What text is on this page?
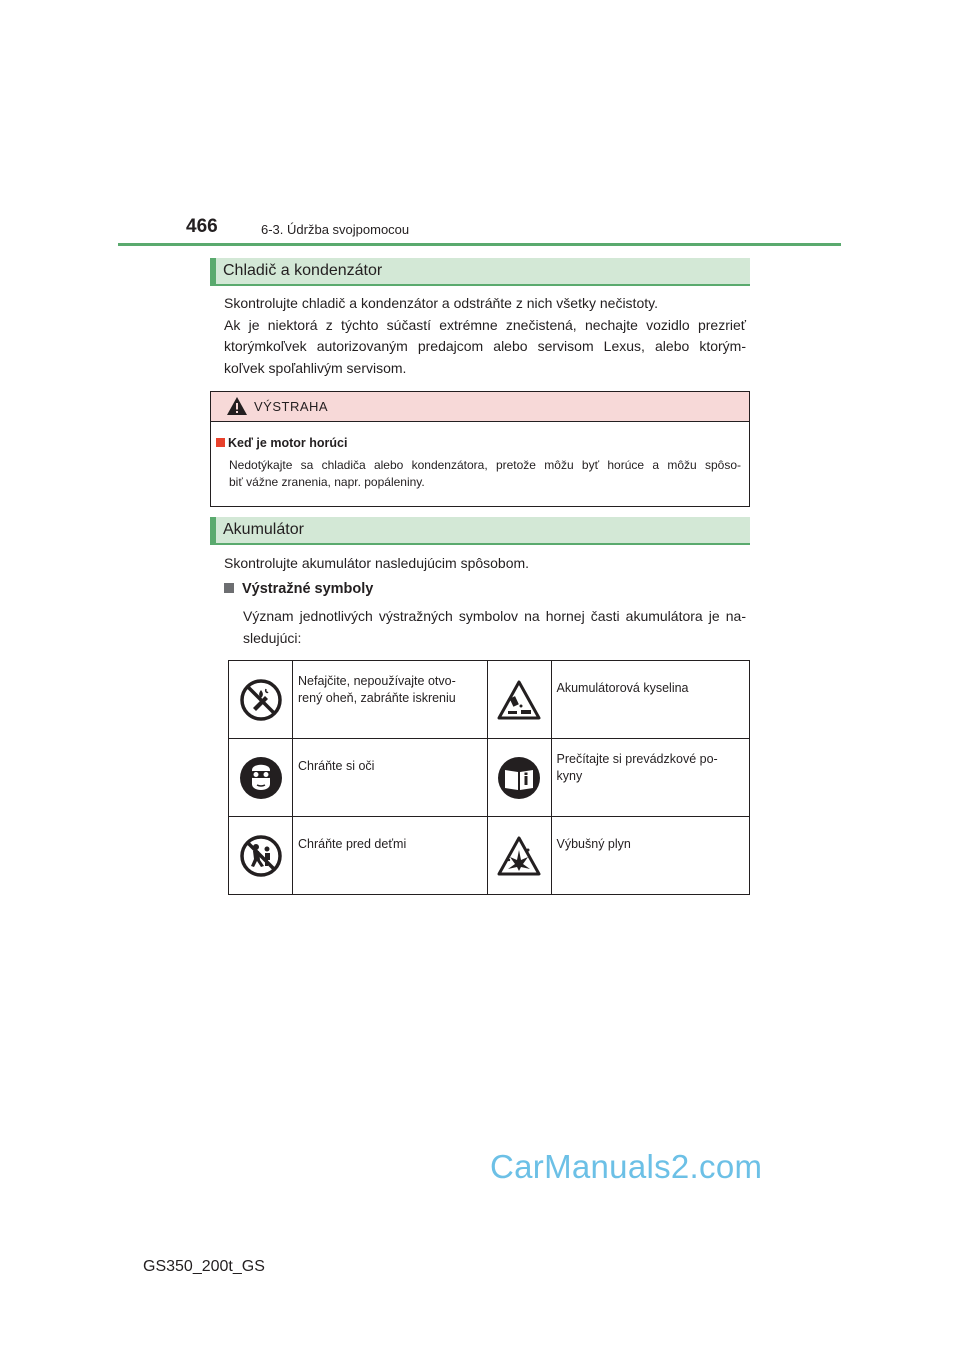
466	6-3. Údržba svojpomocou
Chladič a kondenzátor

Skontrolujte chladič a kondenzátor a odstráňte z nich všetky nečistoty.

Ak je niektorá z týchto súčastí extrémne znečistená, nechajte vozidlo prezrieť

ktorýmkoľvek autorizovaným predajcom alebo servisom Lexus, alebo ktorým-

koľvek spoľahlivým servisom.

VÝSTRAHA
Keď je motor horúci

Nedotýkajte sa chladiča alebo kondenzátora, pretože môžu byť horúce a môžu spôso-

biť vážne zranenia, napr. popáleniny.

Akumulátor
Skontrolujte akumulátor nasledujúcim spôsobom.
Výstražné symboly

Význam jednotlivých výstražných symbolov na hornej časti akumulátora je na-

sledujúci:

Nefajčite, nepoužívajte otvo-
rený oheň, zabráňte iskreniu		Akumulátorová kyselina

Chráňte si oči		Prečítajte si prevádzkové po-
kyny

Chráňte pred deťmi		Výbušný plyn
CarManuals2.com
GS350_200t_GS
